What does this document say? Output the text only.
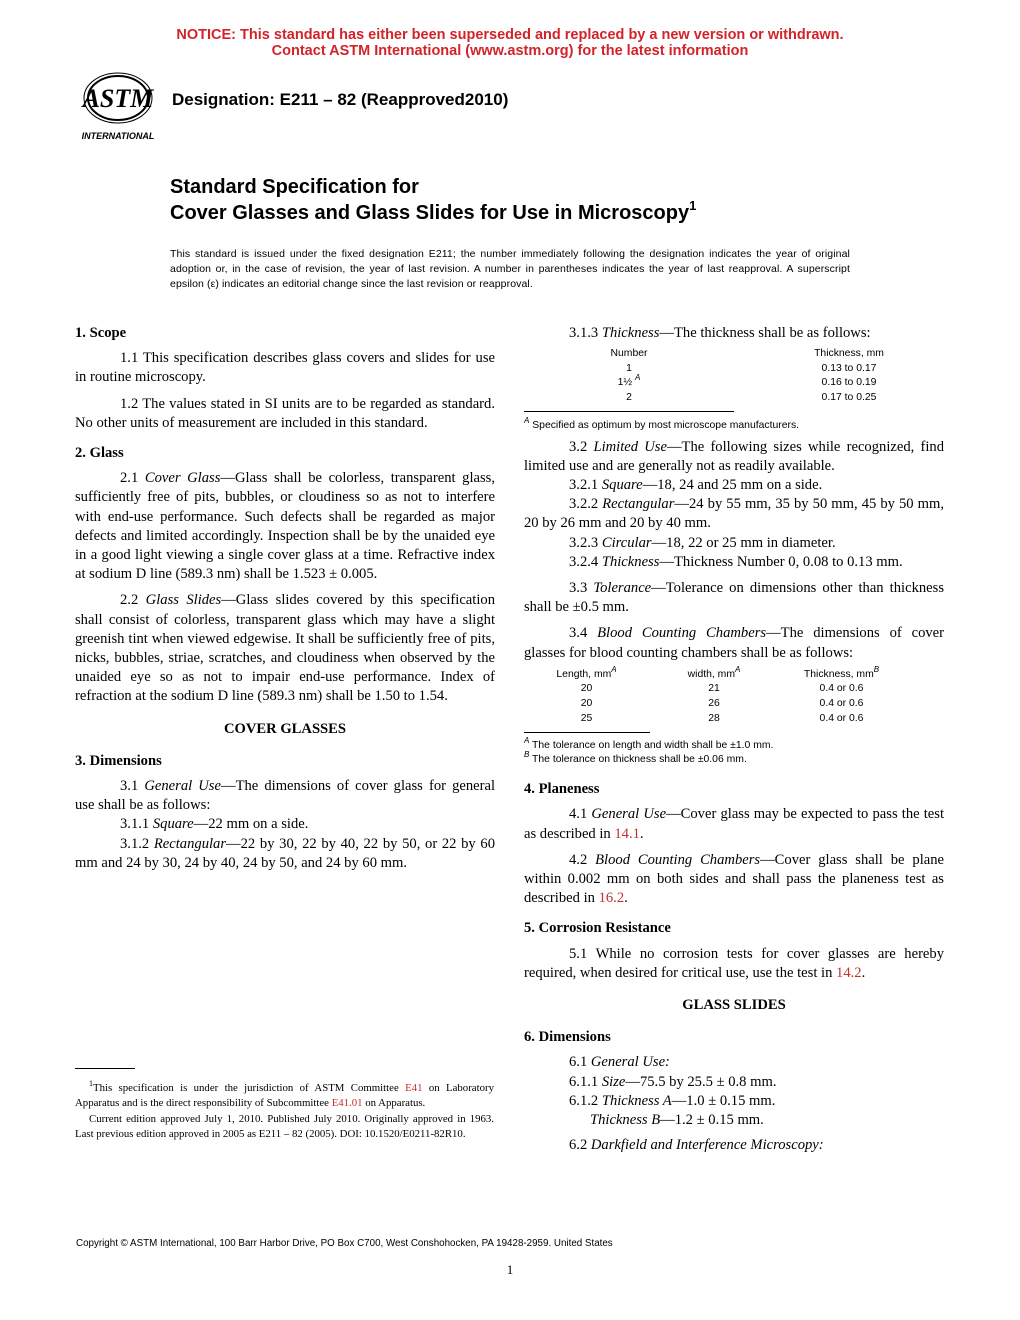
NOTICE: This standard has either been superseded and replaced by a new version or withdrawn.
Contact ASTM International (www.astm.org) for the latest information
ASTM
INTERNATIONAL
Designation: E211 – 82 (Reapproved2010)
Standard Specification for
Cover Glasses and Glass Slides for Use in Microscopy$^1$
This standard is issued under the fixed designation E211; the number immediately following the designation indicates the year of original adoption or, in the case of revision, the year of last revision. A number in parentheses indicates the year of last reapproval. A superscript epsilon (ε) indicates an editorial change since the last revision or reapproval.

1. Scope

1.1 This specification describes glass covers and slides for use in routine microscopy.

1.2 The values stated in SI units are to be regarded as standard. No other units of measurement are included in this standard.

2. Glass

2.1 Cover Glass—Glass shall be colorless, transparent glass, sufficiently free of pits, bubbles, or cloudiness so as not to interfere with end-use performance. Such defects shall be regarded as major defects and limited accordingly. Inspection shall be by the unaided eye in a good light viewing a single cover glass at a time. Refractive index at sodium D line (589.3 nm) shall be 1.523 ± 0.005.

2.2 Glass Slides—Glass slides covered by this specification shall consist of colorless, transparent glass which may have a slight greenish tint when viewed edgewise. It shall be sufficiently free of pits, nicks, bubbles, striae, scratches, and cloudiness when observed by the unaided eye so as not to impair end-use performance. Index of refraction at the sodium D line (589.3 nm) shall be 1.50 to 1.54.

COVER GLASSES

3. Dimensions

3.1 General Use—The dimensions of cover glass for general use shall be as follows:

3.1.1 Square—22 mm on a side.

3.1.2 Rectangular—22 by 30, 22 by 40, 22 by 50, or 22 by 60 mm and 24 by 30, 24 by 40, 24 by 50, and 24 by 60 mm.

$^1$This specification is under the jurisdiction of ASTM Committee E41 on Laboratory Apparatus and is the direct responsibility of Subcommittee E41.01 on Apparatus.
Current edition approved July 1, 2010. Published July 2010. Originally approved in 1963. Last previous edition approved in 2005 as E211 – 82 (2005). DOI: 10.1520/E0211-82R10.

3.1.3 Thickness—The thickness shall be as follows:

Number	Thickness, mm
1	0.13 to 0.17
1½ $^A$	0.16 to 0.19
2	0.17 to 0.25
$^A$ Specified as optimum by most microscope manufacturers.

3.2 Limited Use—The following sizes while recognized, find limited use and are generally not as readily available.

3.2.1 Square—18, 24 and 25 mm on a side.

3.2.2 Rectangular—24 by 55 mm, 35 by 50 mm, 45 by 50 mm, 20 by 26 mm and 20 by 40 mm.

3.2.3 Circular—18, 22 or 25 mm in diameter.

3.2.4 Thickness—Thickness Number 0, 0.08 to 0.13 mm.

3.3 Tolerance—Tolerance on dimensions other than thickness shall be ±0.5 mm.

3.4 Blood Counting Chambers—The dimensions of cover glasses for blood counting chambers shall be as follows:

Length, $mm^A$	width, $mm^A$	Thickness, $mm^B$
20	21	0.4 or 0.6
20	26	0.4 or 0.6
25	28	0.4 or 0.6
$^A$ The tolerance on length and width shall be ±1.0 mm.
$^B$ The tolerance on thickness shall be ±0.06 mm.

4. Planeness

4.1 General Use—Cover glass may be expected to pass the test as described in 14.1.

4.2 Blood Counting Chambers—Cover glass shall be plane within 0.002 mm on both sides and shall pass the planeness test as described in 16.2.

5. Corrosion Resistance

5.1 While no corrosion tests for cover glasses are hereby required, when desired for critical use, use the test in 14.2.

GLASS SLIDES

6. Dimensions

6.1 General Use:

6.1.1 Size—75.5 by 25.5 ± 0.8 mm.

6.1.2 Thickness A—1.0 ± 0.15 mm.

Thickness B—1.2 ± 0.15 mm.

6.2 Darkfield and Interference Microscopy:

Copyright © ASTM International, 100 Barr Harbor Drive, PO Box C700, West Conshohocken, PA 19428-2959. United States
1
